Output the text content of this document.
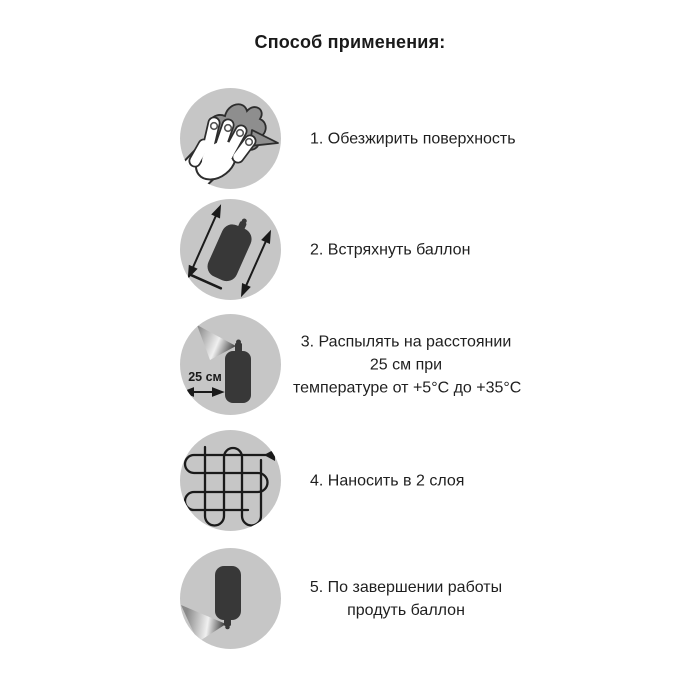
Способ применения:
1. Обезжирить поверхность
2. Встряхнуть баллон
25 см
3. Распылять на расстоянии
25 см при
температуре от +5°С до +35°С
4. Наносить в 2 слоя
5. По завершении работы
продуть баллон
